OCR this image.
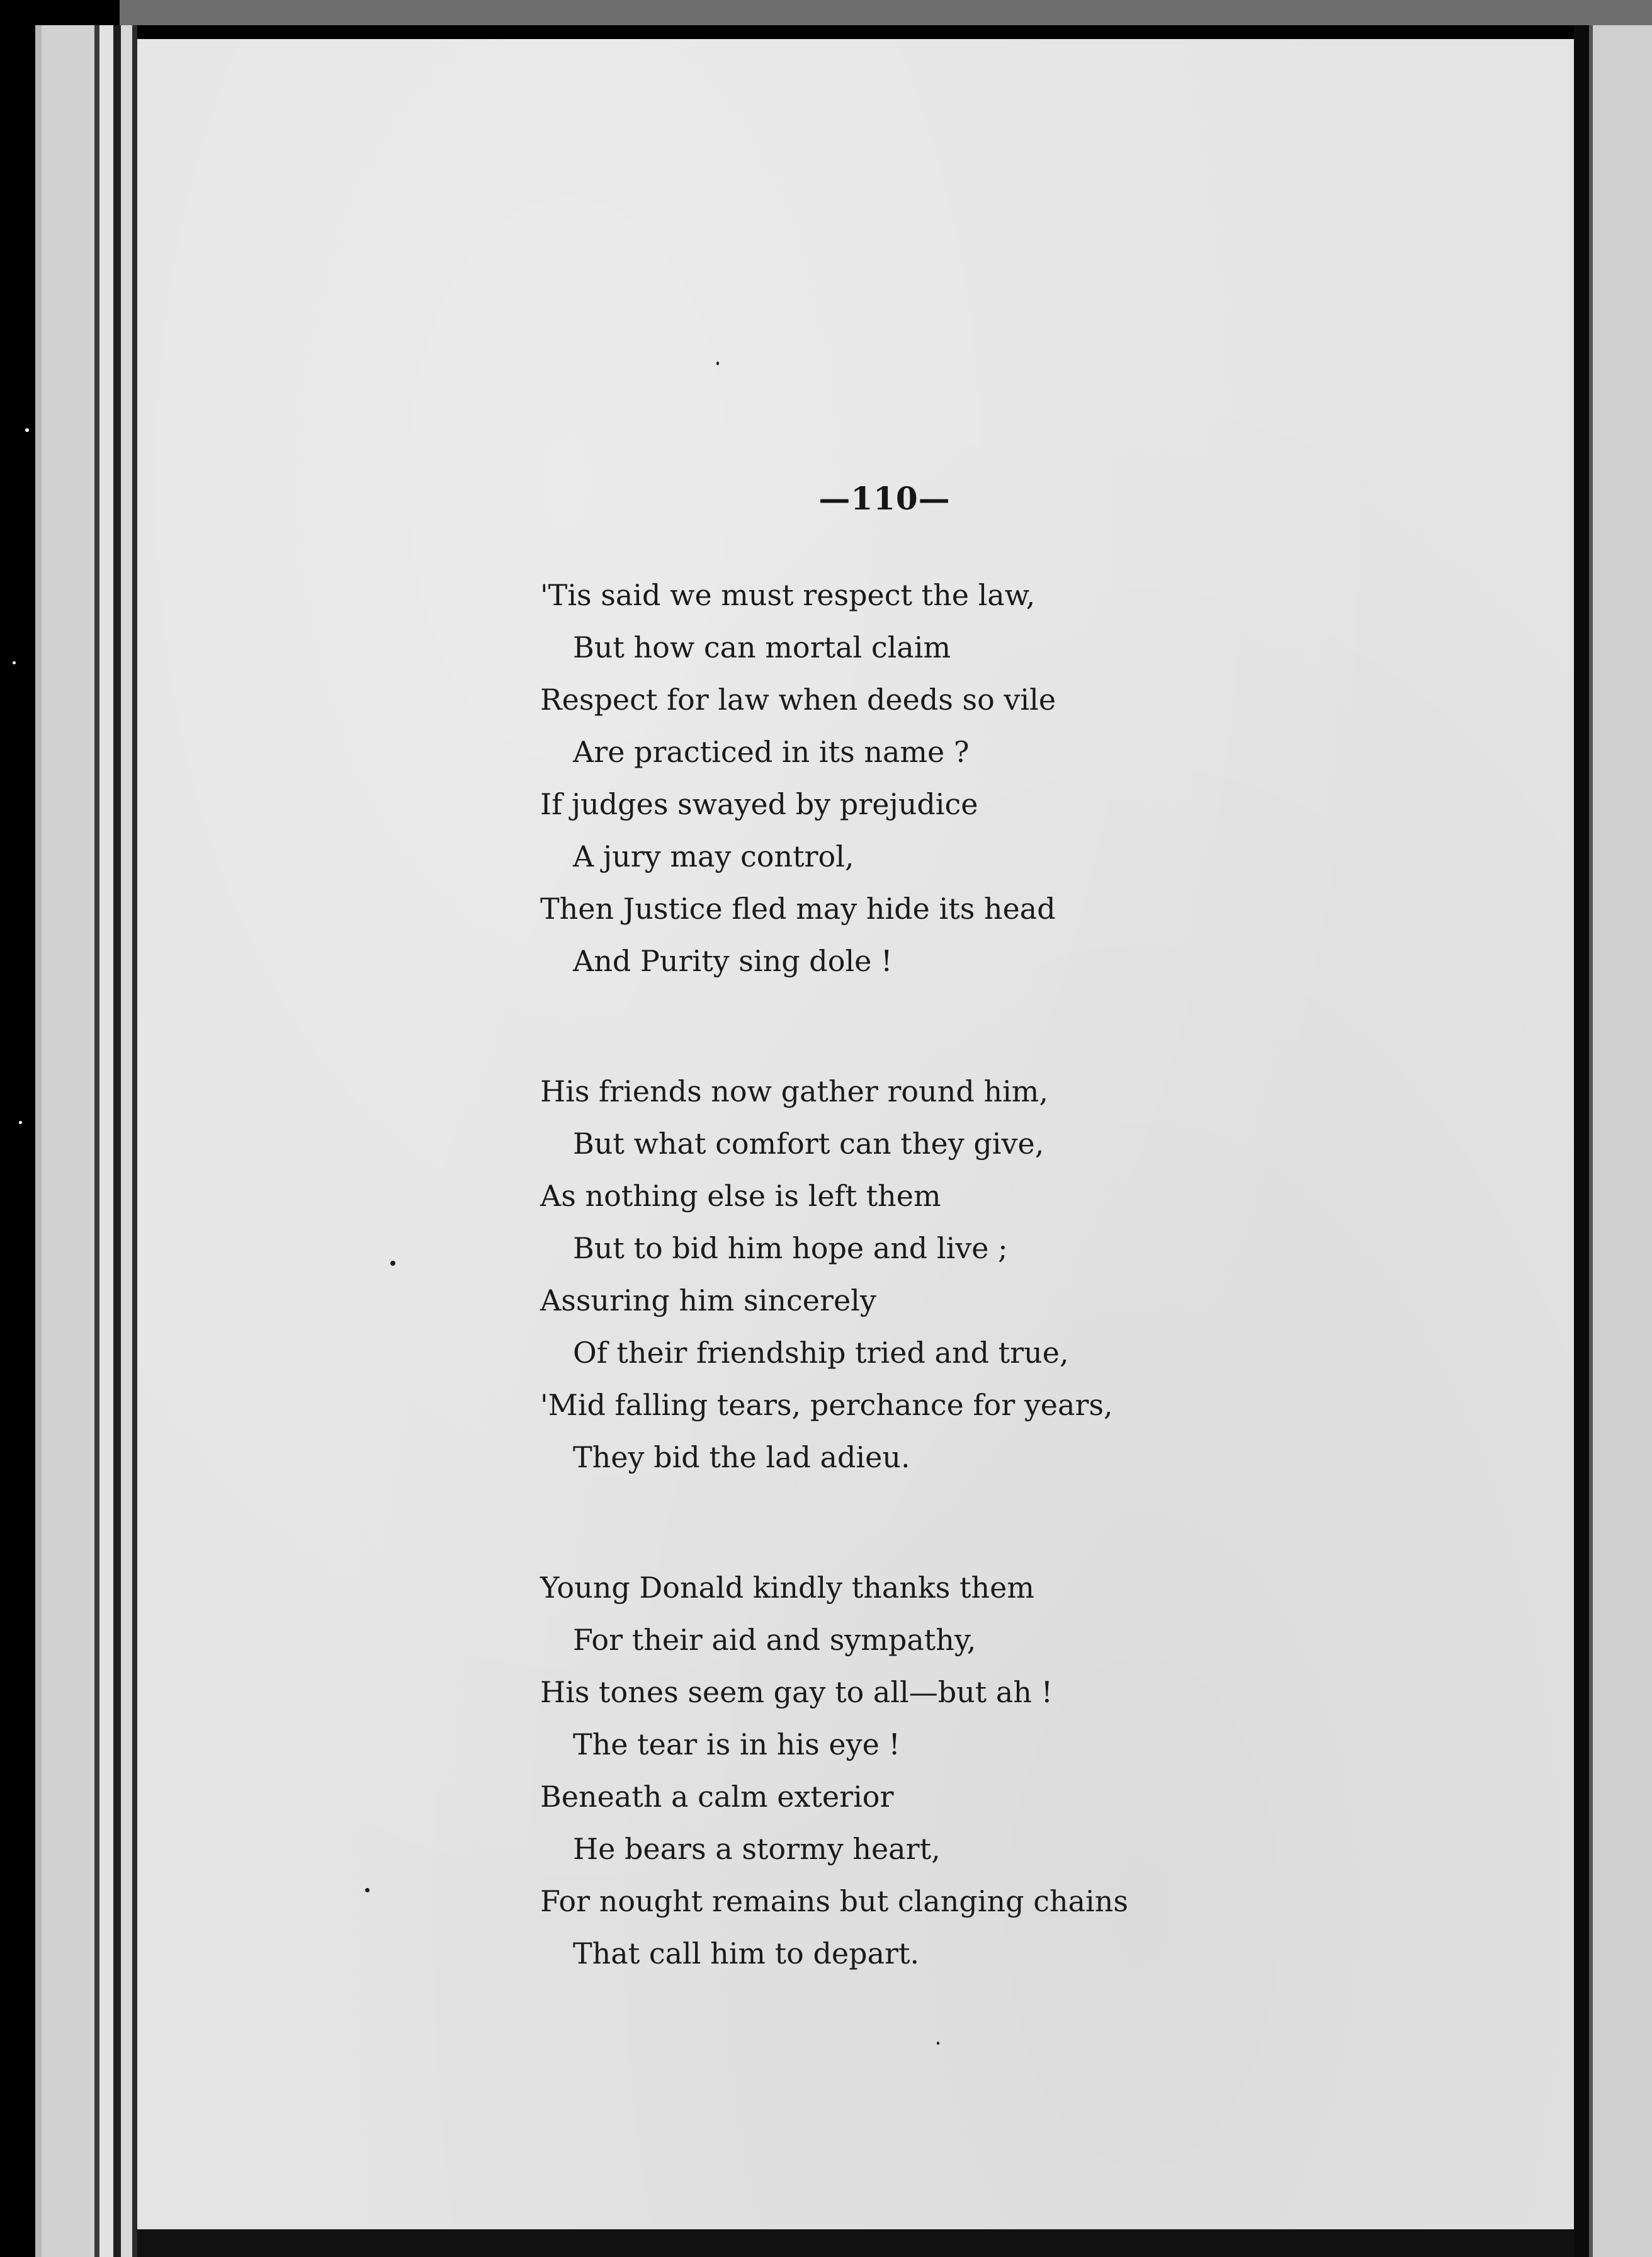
—110—
'Tis said we must respect the law,
But how can mortal claim
Respect for law when deeds so vile
Are practiced in its name ?
If judges swayed by prejudice
A jury may control,
Then Justice fled may hide its head
And Purity sing dole !
His friends now gather round him,
But what comfort can they give,
As nothing else is left them
But to bid him hope and live ;
Assuring him sincerely
Of their friendship tried and true,
'Mid falling tears, perchance for years,
They bid the lad adieu.
Young Donald kindly thanks them
For their aid and sympathy,
His tones seem gay to all—but ah !
The tear is in his eye !
Beneath a calm exterior
He bears a stormy heart,
For nought remains but clanging chains
That call him to depart.
